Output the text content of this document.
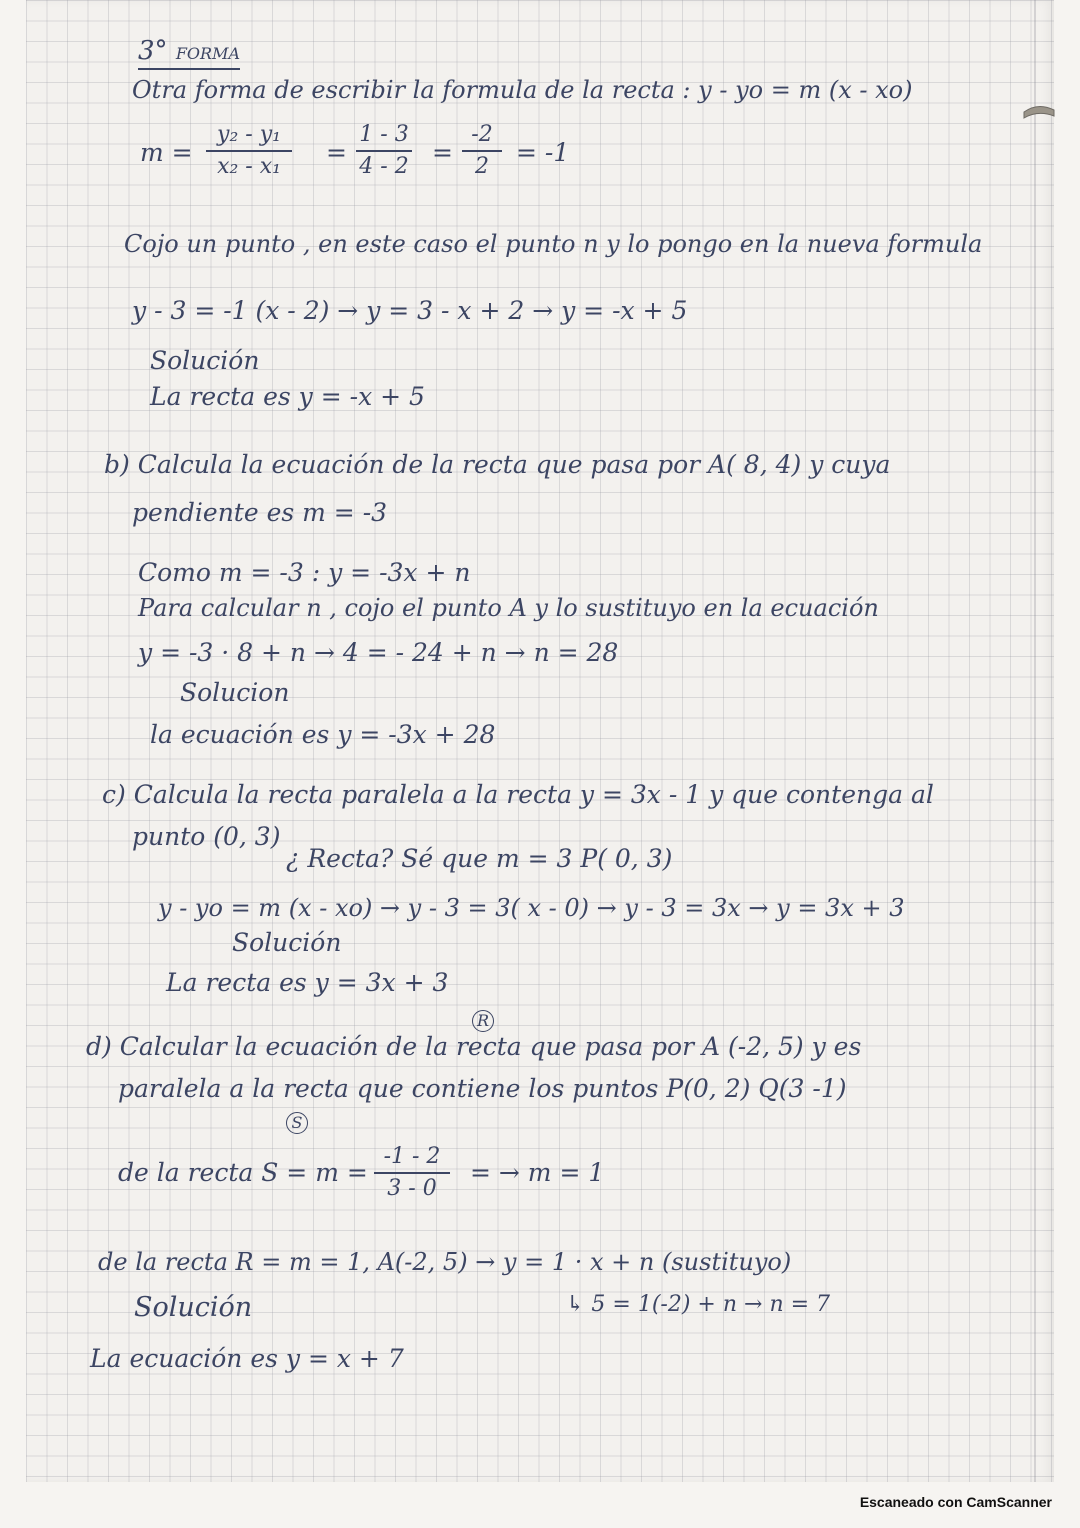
3° FORMA
Otra forma de escribir la formula de la recta : y - yo = m (x - xo)
m =
y₂ - y₁
x₂ - x₁	=
1 - 3
4 - 2 =
-2
2	= -1
Cojo un punto , en este caso el punto n y lo pongo en la nueva formula
y - 3 = -1 (x - 2) → y = 3 - x + 2 → y = -x + 5
Solución
La recta es y = -x + 5
b) Calcula la ecuación de la recta que pasa por A( 8, 4) y cuya
pendiente es m = -3
Como m = -3 : y = -3x + n
Para calcular n , cojo el punto A y lo sustituyo en la ecuación
y = -3 · 8 + n → 4 = - 24 + n → n = 28
Solucion
la ecuación es y = -3x + 28
c) Calcula la recta paralela a la recta y = 3x - 1 y que contenga al
punto (0, 3)
¿ Recta? Sé que m = 3 P( 0, 3)
y - yo = m (x - xo) → y - 3 = 3( x - 0) → y - 3 = 3x → y = 3x + 3
Solución
La recta es y = 3x + 3
R
d) Calcular la ecuación de la recta que pasa por A (-2, 5) y es
paralela a la recta que contiene los puntos P(0, 2) Q(3 -1)
S
de la recta S = m =
-1 - 2
3 - 0
= → m = 1
de la recta R = m = 1, A(-2, 5) → y = 1 · x + n (sustituyo)
↳ 5 = 1(-2) + n → n = 7
Solución
La ecuación es y = x + 7
Escaneado con CamScanner
